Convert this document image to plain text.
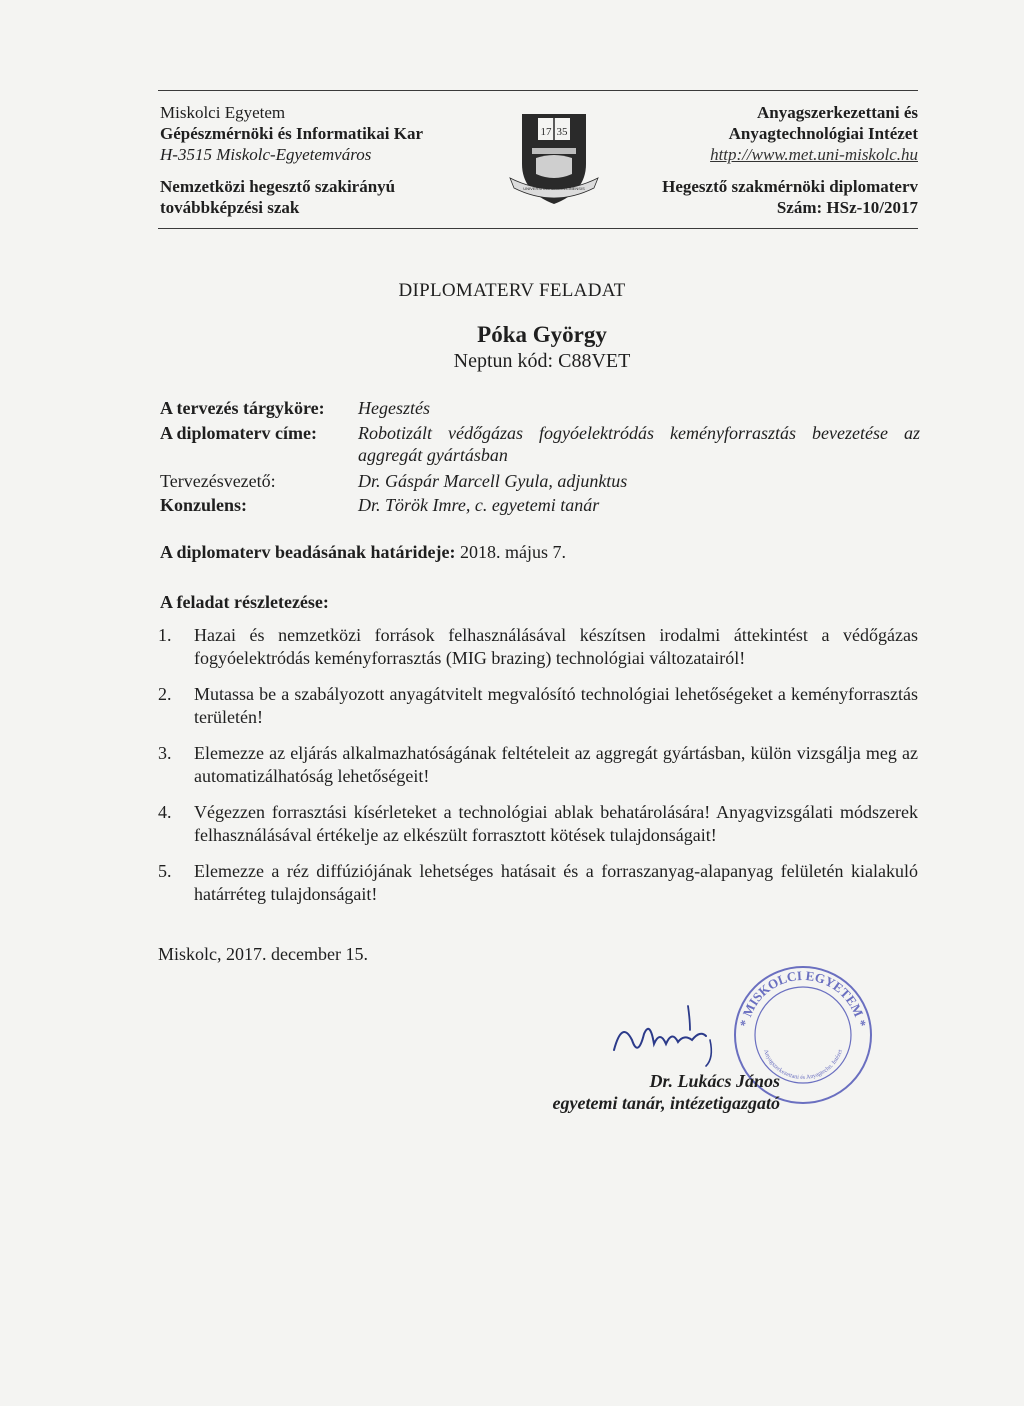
Miskolci Egyetem
Gépészmérnöki és Informatikai Kar
H-3515 Miskolc-Egyetemváros
Nemzetközi hegesztő szakirányú
továbbképzési szak
17 35
UNIVERSITAS MISKOLCINENSIS
Anyagszerkezettani és
Anyagtechnológiai Intézet
http://www.met.uni-miskolc.hu
Hegesztő szakmérnöki diplomaterv
Szám: HSz-10/2017
DIPLOMATERV FELADAT
Póka György
Neptun kód: C88VET
A tervezés tárgyköre:	Hegesztés
A diplomaterv címe:	Robotizált védőgázas fogyóelektródás keményforrasztás bevezetése az aggregát gyártásban
Tervezésvezető:	Dr. Gáspár Marcell Gyula, adjunktus
Konzulens:	Dr. Török Imre, c. egyetemi tanár
A diplomaterv beadásának határideje: 2018. május 7.
A feladat részletezése:
1. Hazai és nemzetközi források felhasználásával készítsen irodalmi áttekintést a védőgázas fogyóelektródás keményforrasztás (MIG brazing) technológiai változatairól!
2. Mutassa be a szabályozott anyagátvitelt megvalósító technológiai lehetőségeket a keményforrasztás területén!
3. Elemezze az eljárás alkalmazhatóságának feltételeit az aggregát gyártásban, külön vizsgálja meg az automatizálhatóság lehetőségeit!
4. Végezzen forrasztási kísérleteket a technológiai ablak behatárolására! Anyagvizsgálati módszerek felhasználásával értékelje az elkészült forrasztott kötések tulajdonságait!
5. Elemezze a réz diffúziójának lehetséges hatásait és a forraszanyag-alapanyag felületén kialakuló határréteg tulajdonságait!
Miskolc, 2017. december 15.
* MISKOLCI EGYETEM *
Anyagszerkezettani és Anyagtechn. Intézet
Dr. Lukács János
egyetemi tanár, intézetigazgató
